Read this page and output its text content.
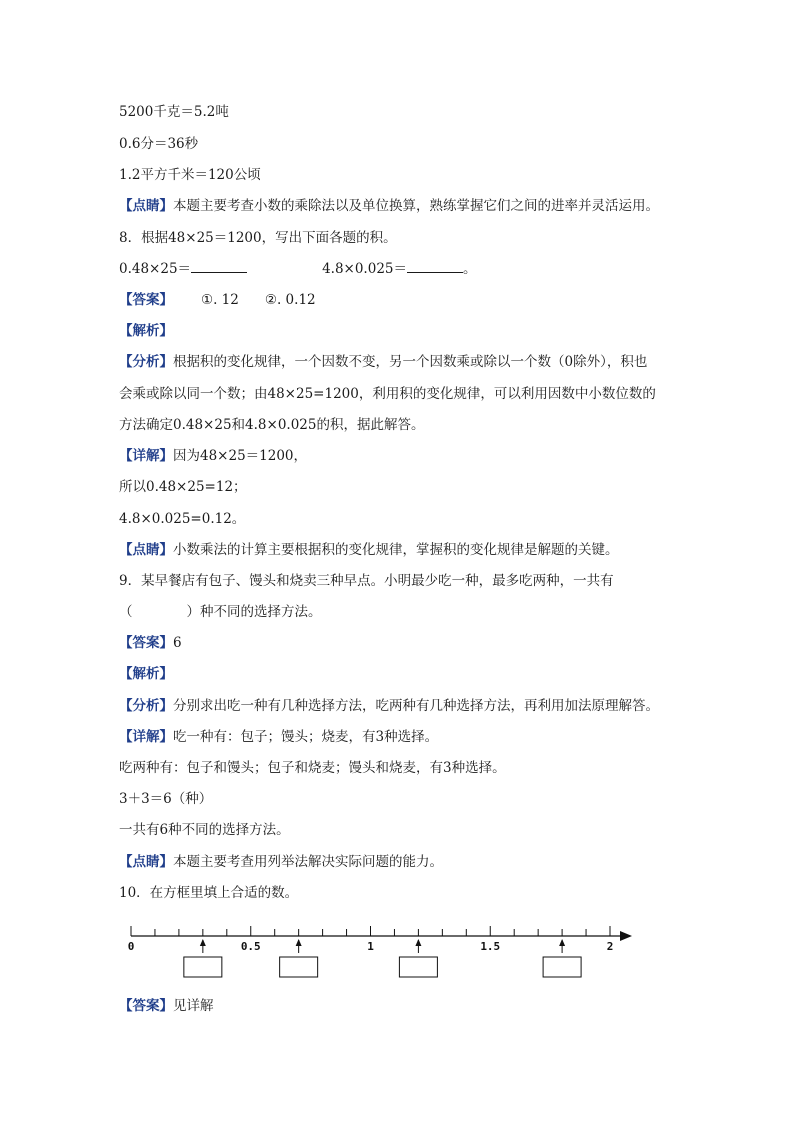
5200千克＝5.2吨
0.6分＝36秒
1.2平方千米＝120公顷
【点睛】本题主要考查小数的乘除法以及单位换算，熟练掌握它们之间的进率并灵活运用。
8．根据48×25＝1200，写出下面各题的积。
0.48×25＝	4.8×0.025＝	。
【答案】 ①. 12 ②. 0.12
【解析】
【分析】根据积的变化规律，一个因数不变，另一个因数乘或除以一个数（0除外），积也
会乘或除以同一个数；由48×25=1200，利用积的变化规律，可以利用因数中小数位数的
方法确定0.48×25和4.8×0.025的积，据此解答。
【详解】因为48×25＝1200，
所以0.48×25=12；
4.8×0.025=0.12。
【点睛】小数乘法的计算主要根据积的变化规律，掌握积的变化规律是解题的关键。
9．某早餐店有包子、馒头和烧卖三种早点。小明最少吃一种，最多吃两种，一共有
（　　　　）种不同的选择方法。
【答案】6
【解析】
【分析】分别求出吃一种有几种选择方法，吃两种有几种选择方法，再利用加法原理解答。
【详解】吃一种有：包子；馒头；烧麦，有3种选择。
吃两种有：包子和馒头；包子和烧麦；馒头和烧麦，有3种选择。
3＋3＝6（种）
一共有6种不同的选择方法。
【点睛】本题主要考查用列举法解决实际问题的能力。
10．在方框里填上合适的数。
0	0.5	1	1.5	2
【答案】见详解
